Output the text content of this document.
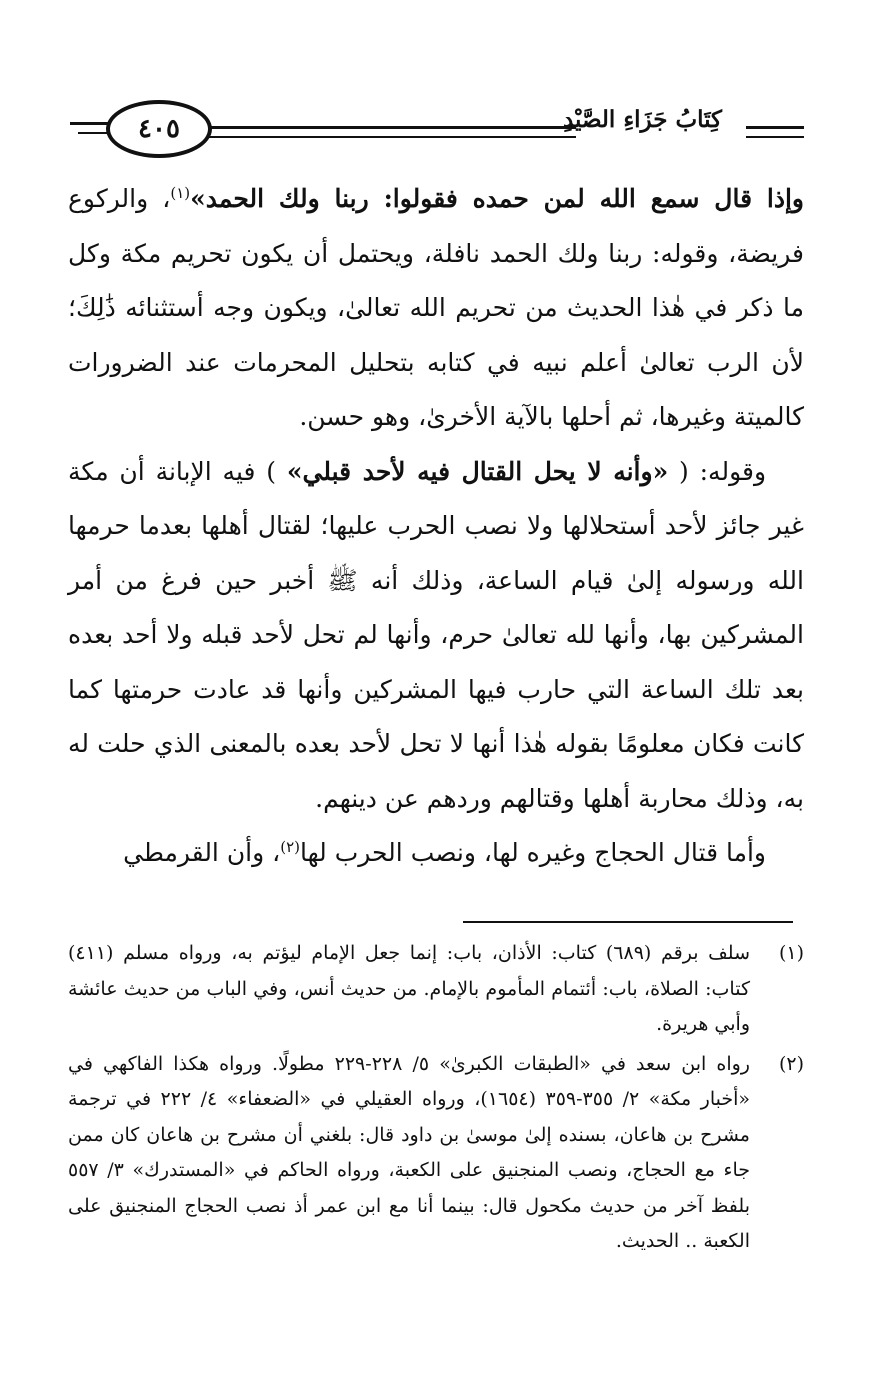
٤٠٥	كِتَابُ جَزَاءِ الصَّيْدِ

وإذا قال سمع الله لمن حمده فقولوا: ربنا ولك الحمد»$^{(١)}$، والركوع فريضة، وقوله: ربنا ولك الحمد نافلة، ويحتمل أن يكون تحريم مكة وكل ما ذكر في هٰذا الحديث من تحريم الله تعالىٰ، ويكون وجه أستثنائه ذَٰلِكَ؛ لأن الرب تعالىٰ أعلم نبيه في كتابه بتحليل المحرمات عند الضرورات كالميتة وغيرها، ثم أحلها بالآية الأخرىٰ، وهو حسن.

وقوله: ( «وأنه لا يحل القتال فيه لأحد قبلي» ) فيه الإبانة أن مكة غير جائز لأحد أستحلالها ولا نصب الحرب عليها؛ لقتال أهلها بعدما حرمها الله ورسوله إلىٰ قيام الساعة، وذلك أنه ﷺ أخبر حين فرغ من أمر المشركين بها، وأنها لله تعالىٰ حرم، وأنها لم تحل لأحد قبله ولا أحد بعده بعد تلك الساعة التي حارب فيها المشركين وأنها قد عادت حرمتها كما كانت فكان معلومًا بقوله هٰذا أنها لا تحل لأحد بعده بالمعنى الذي حلت له به، وذلك محاربة أهلها وقتالهم وردهم عن دينهم.

وأما قتال الحجاج وغيره لها، ونصب الحرب لها$^{(٢)}$، وأن القرمطي

(١)
سلف برقم (٦٨٩) كتاب: الأذان، باب: إنما جعل الإمام ليؤتم به، ورواه مسلم (٤١١) كتاب: الصلاة، باب: أئتمام المأموم بالإمام. من حديث أنس، وفي الباب من حديث عائشة وأبي هريرة.
(٢)
رواه ابن سعد في «الطبقات الكبرىٰ» ٥/ ٢٢٨-٢٢٩ مطولًا. ورواه هكذا الفاكهي في «أخبار مكة» ٢/ ٣٥٥-٣٥٩ (١٦٥٤)، ورواه العقيلي في «الضعفاء» ٤/ ٢٢٢ في ترجمة مشرح بن هاعان، بسنده إلىٰ موسىٰ بن داود قال: بلغني أن مشرح بن هاعان كان ممن جاء مع الحجاج، ونصب المنجنيق على الكعبة، ورواه الحاكم في «المستدرك» ٣/ ٥٥٧ بلفظ آخر من حديث مكحول قال: بينما أنا مع ابن عمر أذ نصب الحجاج المنجنيق على الكعبة .. الحديث.
